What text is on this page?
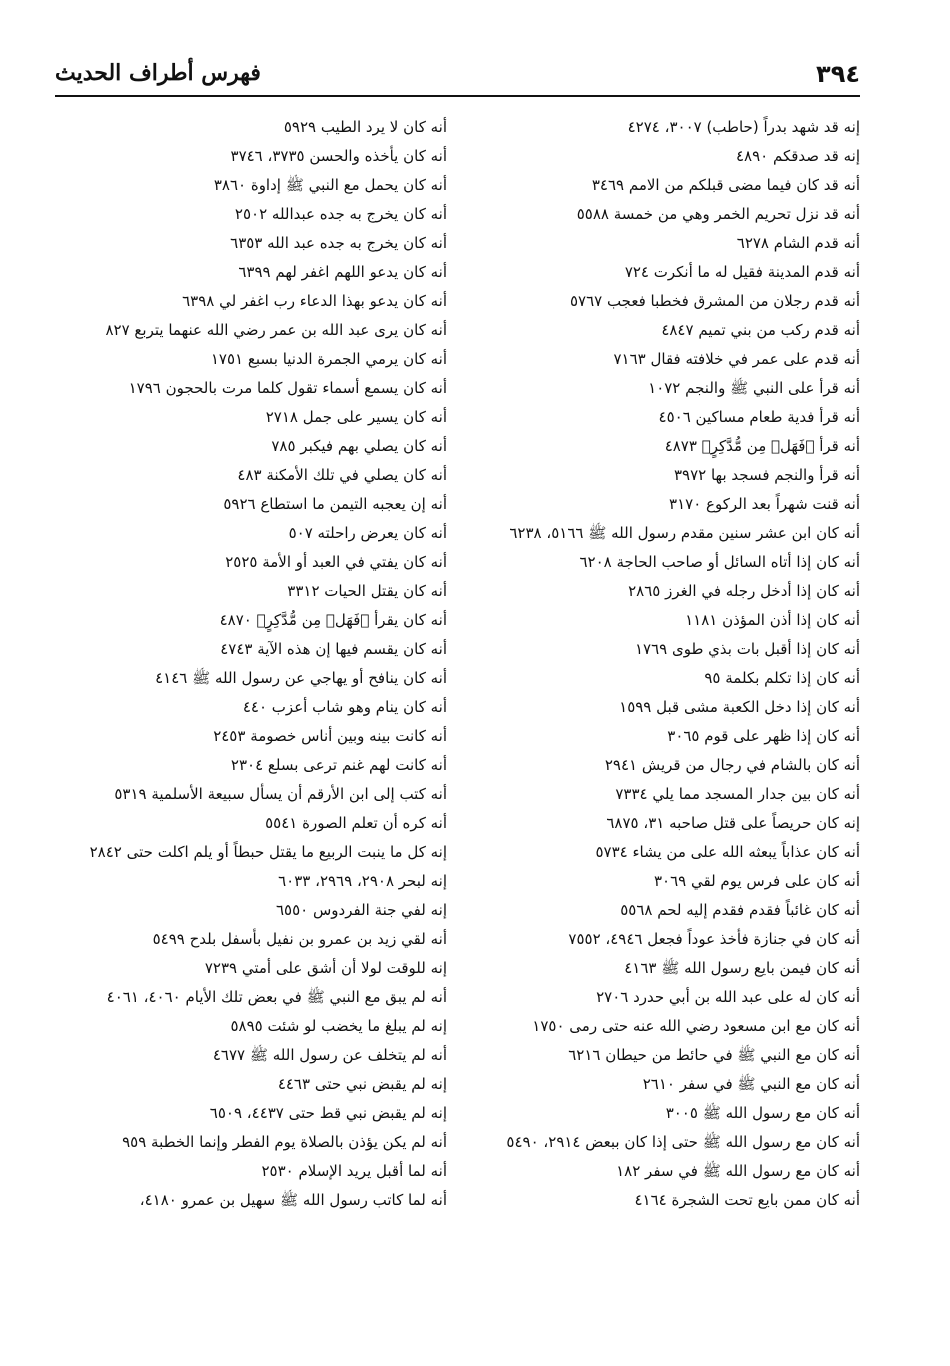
٣٩٤
فهرس أطراف الحديث
إنه قد شهد بدراً (حاطب) ٣٠٠٧، ٤٢٧٤
إنه قد صدقكم ٤٨٩٠
أنه قد كان فيما مضى قبلكم من الامم ٣٤٦٩
أنه قد نزل تحريم الخمر وهي من خمسة ٥٥٨٨
أنه قدم الشام ٦٢٧٨
أنه قدم المدينة فقيل له ما أنكرت ٧٢٤
أنه قدم رجلان من المشرق فخطبا فعجب ٥٧٦٧
أنه قدم ركب من بني تميم ٤٨٤٧
أنه قدم على عمر في خلافته فقال ٧١٦٣
أنه قرأ على النبي ﷺ والنجم ١٠٧٢
أنه قرأ فدية طعام مساكين ٤٥٠٦
أنه قرأ ﴿فَهَلۡ مِن مُّدَّكِرٍ﴾ ٤٨٧٣
أنه قرأ والنجم فسجد بها ٣٩٧٢
أنه قنت شهراً بعد الركوع ٣١٧٠
أنه كان ابن عشر سنين مقدم رسول الله ﷺ ٥١٦٦، ٦٢٣٨
أنه كان إذا أتاه السائل أو صاحب الحاجة ٦٢٠٨
أنه كان إذا أدخل رجله في الغرز ٢٨٦٥
أنه كان إذا أذن المؤذن ١١٨١
أنه كان إذا أقبل بات بذي طوى ١٧٦٩
أنه كان إذا تكلم بكلمة ٩٥
أنه كان إذا دخل الكعبة مشى قبل ١٥٩٩
أنه كان إذا ظهر على قوم ٣٠٦٥
أنه كان بالشام في رجال من قريش ٢٩٤١
أنه كان بين جدار المسجد مما يلي ٧٣٣٤
إنه كان حريصاً على قتل صاحبه ٣١، ٦٨٧٥
أنه كان عذاباً يبعثه الله على من يشاء ٥٧٣٤
أنه كان على فرس يوم لقي ٣٠٦٩
أنه كان غائباً فقدم فقدم إليه لحم ٥٥٦٨
أنه كان في جنازة فأخذ عوداً فجعل ٤٩٤٦، ٧٥٥٢
أنه كان فيمن بايع رسول الله ﷺ ٤١٦٣
أنه كان له على عبد الله بن أبي حدرد ٢٧٠٦
أنه كان مع ابن مسعود رضي الله عنه حتى رمى ١٧٥٠
أنه كان مع النبي ﷺ في حائط من حيطان ٦٢١٦
أنه كان مع النبي ﷺ في سفر ٢٦١٠
أنه كان مع رسول الله ﷺ ٣٠٠٥
أنه كان مع رسول الله ﷺ حتى إذا كان ببعض ٢٩١٤، ٥٤٩٠
أنه كان مع رسول الله ﷺ في سفر ١٨٢
أنه كان ممن بايع تحت الشجرة ٤١٦٤
أنه كان لا يرد الطيب ٥٩٢٩
أنه كان يأخذه والحسن ٣٧٣٥، ٣٧٤٦
أنه كان يحمل مع النبي ﷺ إداوة ٣٨٦٠
أنه كان يخرج به جده عبدالله ٢٥٠٢
أنه كان يخرج به جده عبد الله ٦٣٥٣
أنه كان يدعو اللهم اغفر لهم ٦٣٩٩
أنه كان يدعو بهذا الدعاء رب اغفر لي ٦٣٩٨
أنه كان يرى عبد الله بن عمر رضي الله عنهما يتربع ٨٢٧
أنه كان يرمي الجمرة الدنيا بسبع ١٧٥١
أنه كان يسمع أسماء تقول كلما مرت بالحجون ١٧٩٦
أنه كان يسير على جمل ٢٧١٨
أنه كان يصلي بهم فيكبر ٧٨٥
أنه كان يصلي في تلك الأمكنة ٤٨٣
أنه إن يعجبه التيمن ما استطاع ٥٩٢٦
أنه كان يعرض راحلته ٥٠٧
أنه كان يفتي في العبد أو الأمة ٢٥٢٥
أنه كان يقتل الحيات ٣٣١٢
أنه كان يقرأ ﴿فَهَلۡ مِن مُّدَّكِرٍ﴾ ٤٨٧٠
أنه كان يقسم فيها إن هذه الآية ٤٧٤٣
أنه كان ينافح أو يهاجي عن رسول الله ﷺ ٤١٤٦
أنه كان ينام وهو شاب أعزب ٤٤٠
أنه كانت بينه وبين أناس خصومة ٢٤٥٣
أنه كانت لهم غنم ترعى بسلع ٢٣٠٤
أنه كتب إلى ابن الأرقم أن يسأل سبيعة الأسلمية ٥٣١٩
أنه كره أن تعلم الصورة ٥٥٤١
إنه كل ما ينبت الربيع ما يقتل حبطاً أو يلم اكلت حتى ٢٨٤٢
إنه لبحر ٢٩٠٨، ٢٩٦٩، ٦٠٣٣
إنه لفي جنة الفردوس ٦٥٥٠
أنه لقي زيد بن عمرو بن نفيل بأسفل بلدح ٥٤٩٩
إنه للوقت لولا أن أشق على أمتي ٧٢٣٩
أنه لم يبق مع النبي ﷺ في بعض تلك الأيام ٤٠٦٠، ٤٠٦١
إنه لم يبلغ ما يخضب لو شئت ٥٨٩٥
أنه لم يتخلف عن رسول الله ﷺ ٤٦٧٧
إنه لم يقبض نبي حتى ٤٤٦٣
إنه لم يقبض نبي قط حتى ٤٤٣٧، ٦٥٠٩
أنه لم يكن يؤذن بالصلاة يوم الفطر وإنما الخطبة ٩٥٩
أنه لما أقبل يريد الإسلام ٢٥٣٠
أنه لما كاتب رسول الله ﷺ سهيل بن عمرو ٤١٨٠،
